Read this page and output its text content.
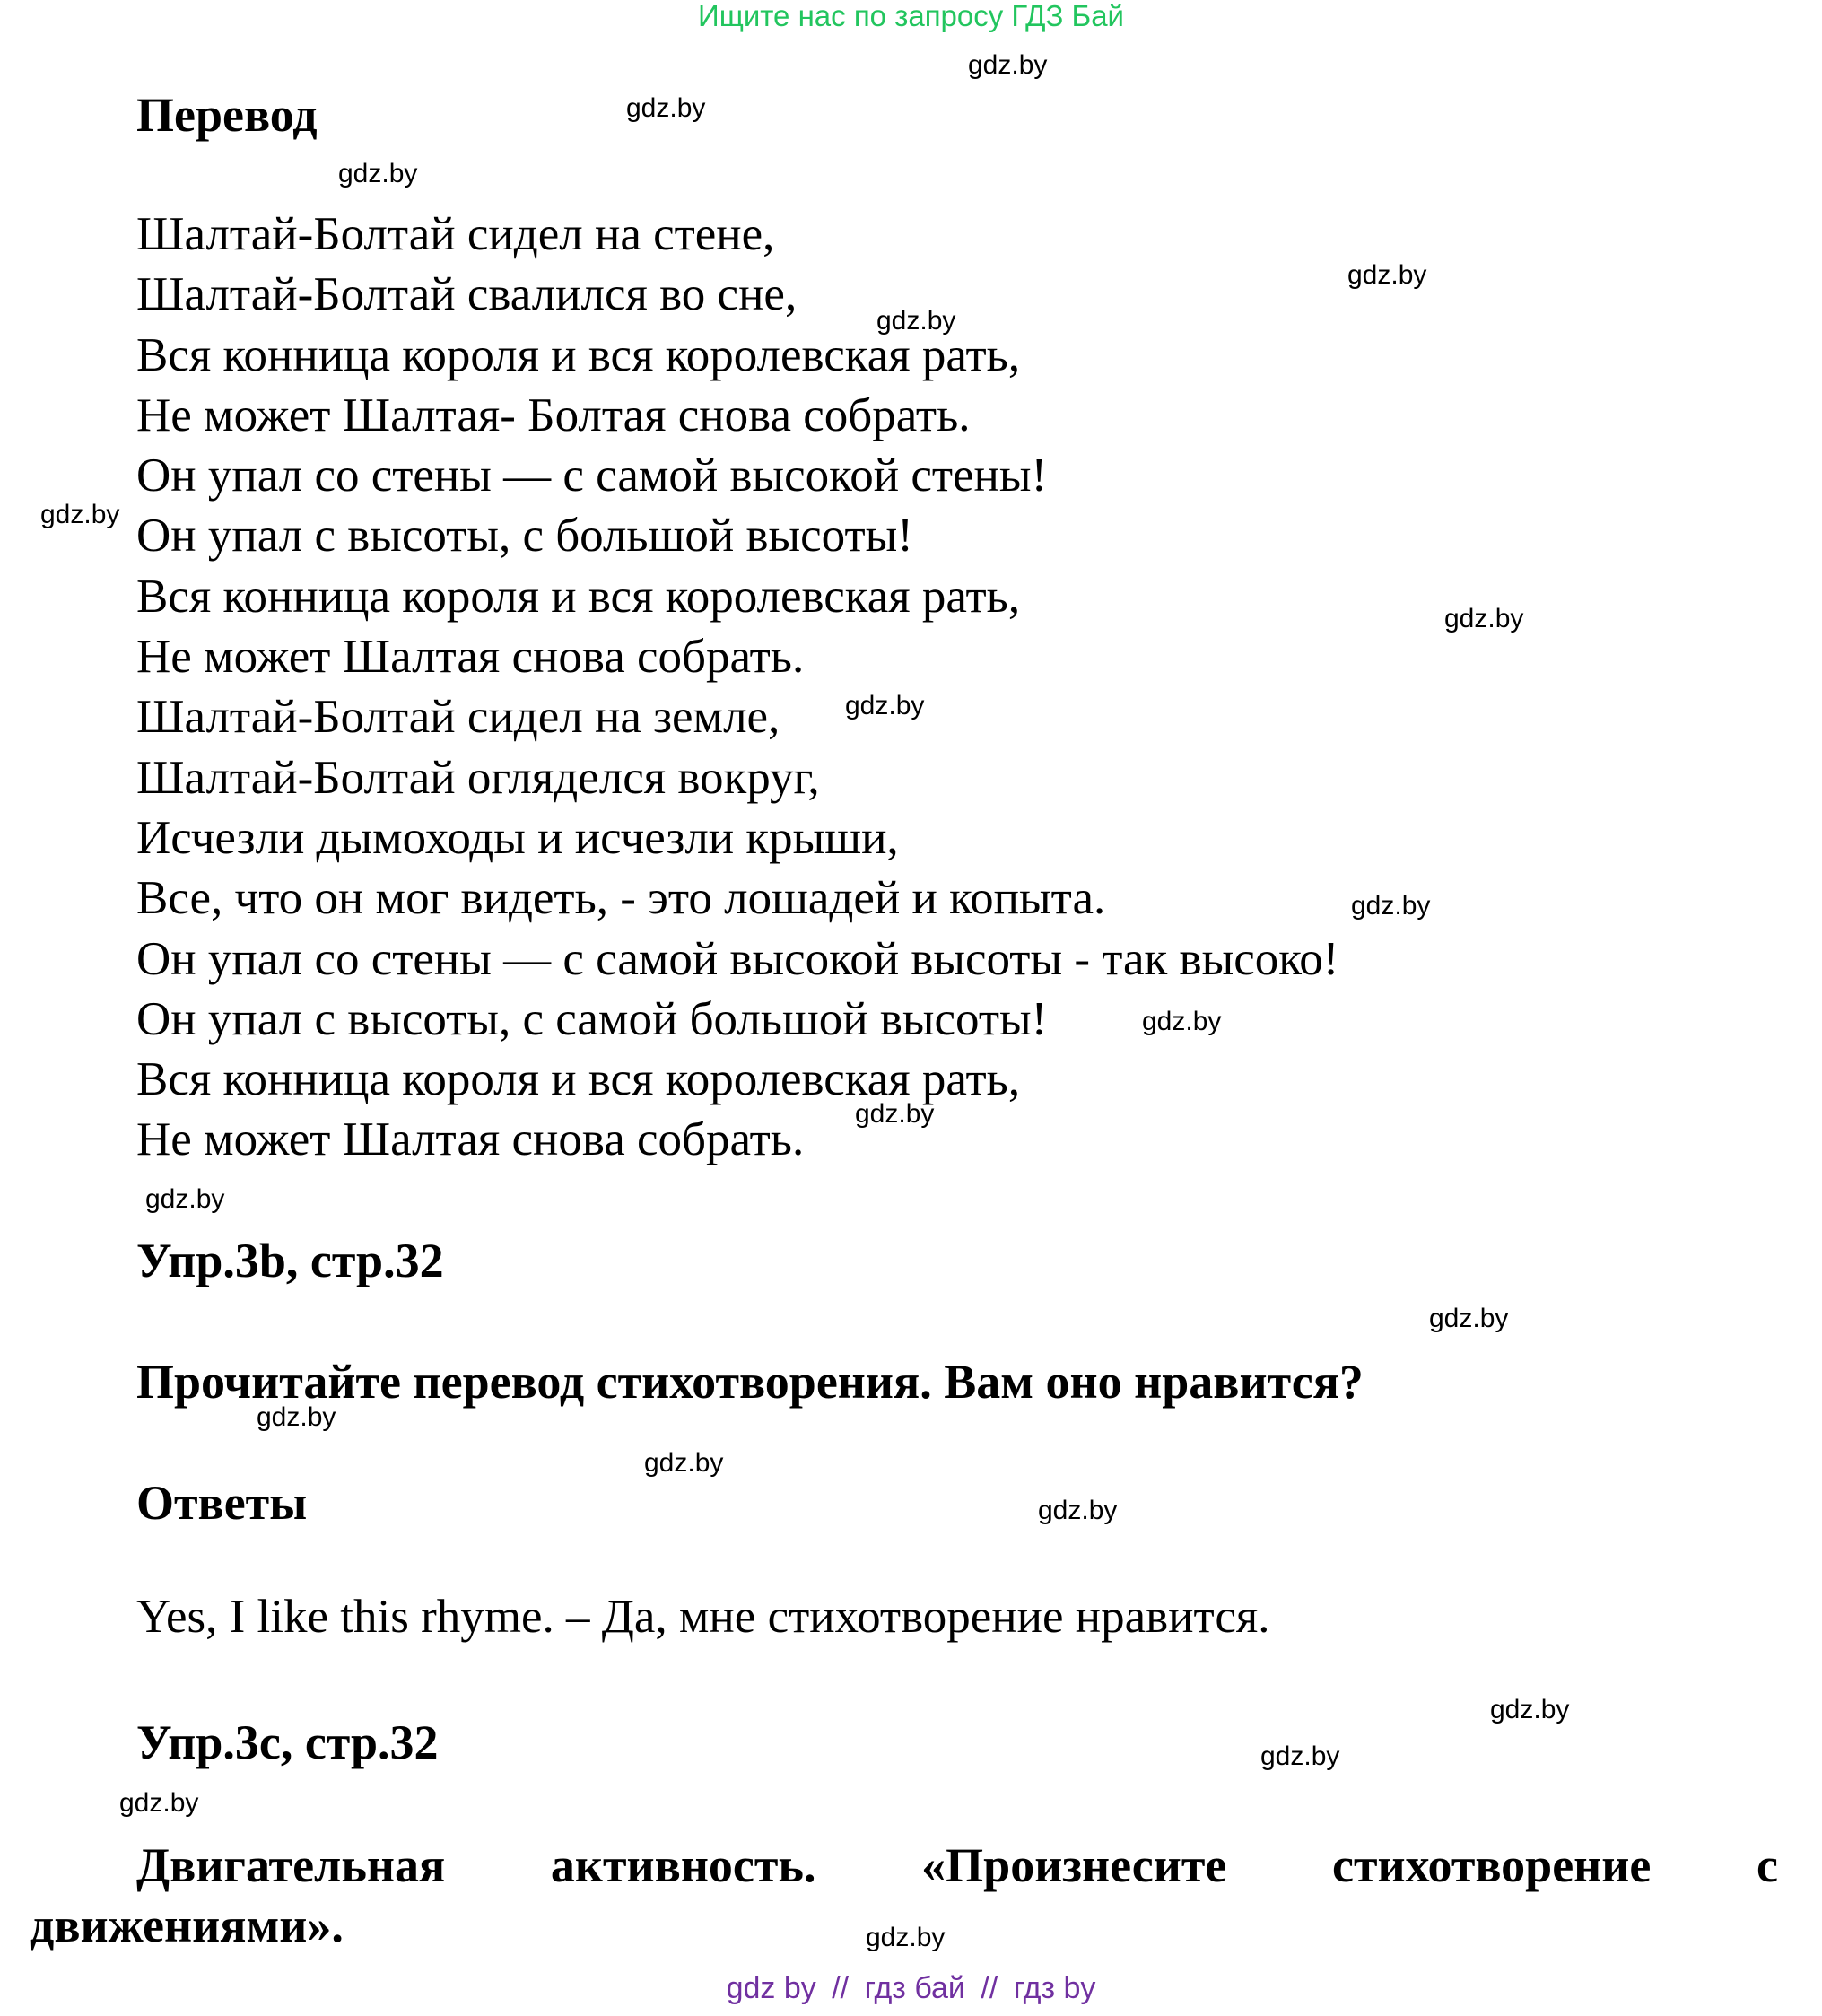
Ищите нас по запросу ГДЗ Бай
Перевод
Шалтай-Болтай сидел на стене,
Шалтай-Болтай свалился во сне,
Вся конница короля и вся королевская рать,
Не может Шалтая- Болтая снова собрать.
Он упал со стены — с самой высокой стены!
Он упал с высоты, с большой высоты!
Вся конница короля и вся королевская рать,
Не может Шалтая снова собрать.
Шалтай-Болтай сидел на земле,
Шалтай-Болтай огляделся вокруг,
Исчезли дымоходы и исчезли крыши,
Все, что он мог видеть, - это лошадей и копыта.
Он упал со стены — с самой высокой высоты - так высоко!
Он упал с высоты, с самой большой высоты!
Вся конница короля и вся королевская рать,
Не может Шалтая снова собрать.
Упр.3b, стр.32
Прочитайте перевод стихотворения. Вам оно нравится?
Ответы
Yes, I like this rhyme. – Да, мне стихотворение нравится.
Упр.3c, стр.32
Двигательная активность. «Произнесите стихотворение с
движениями».
gdz.by
gdz.by
gdz.by
gdz.by
gdz.by
gdz.by
gdz.by
gdz.by
gdz.by
gdz.by
gdz.by
gdz.by
gdz.by
gdz.by
gdz.by
gdz.by
gdz.by
gdz.by
gdz.by
gdz.by
gdz by // гдз бай // гдз by
